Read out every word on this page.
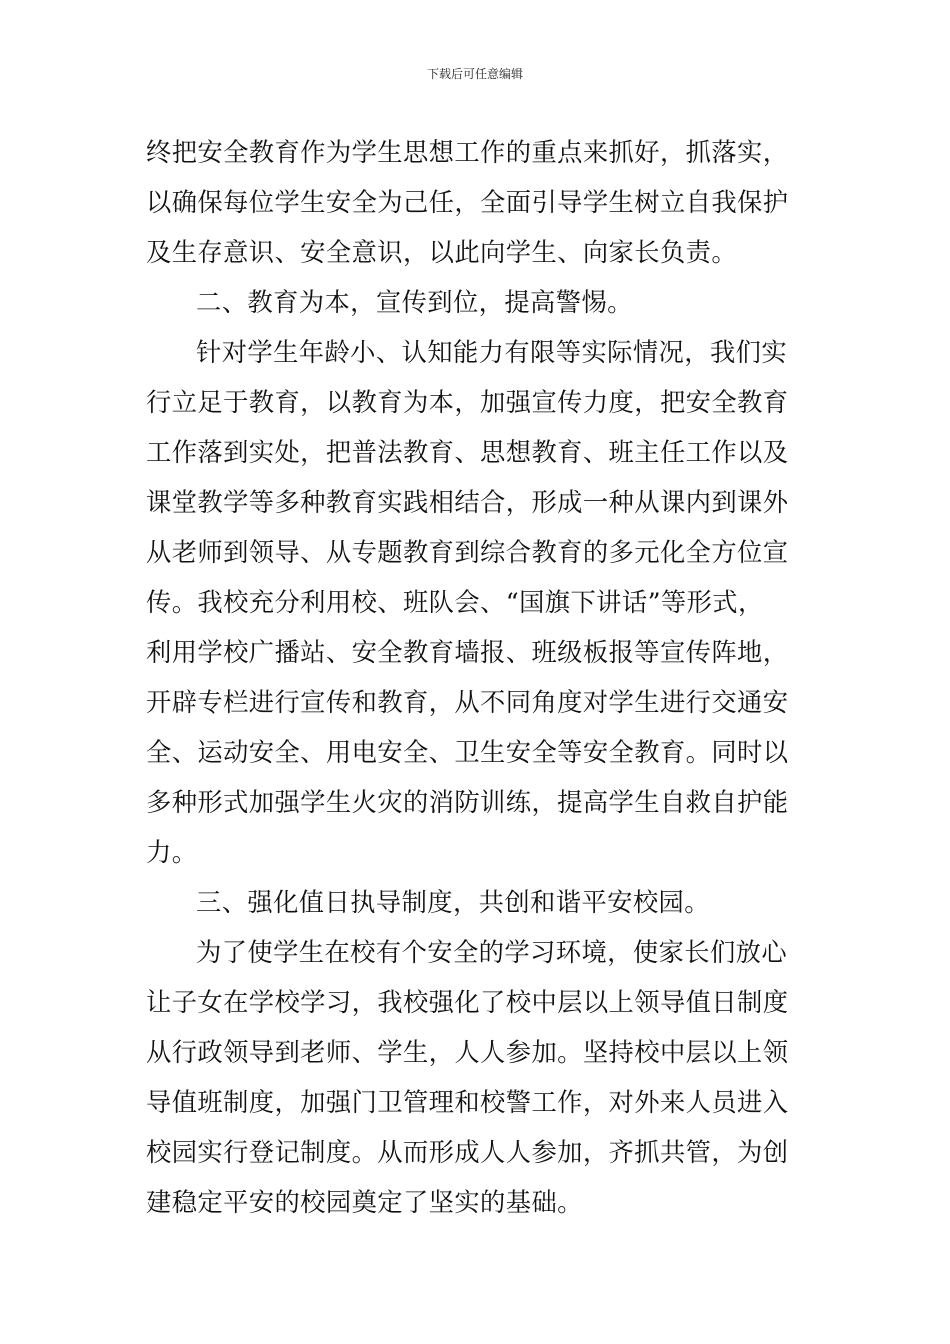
下载后可任意编辑
终把安全教育作为学生思想工作的重点来抓好，抓落实，
以确保每位学生安全为己任，全面引导学生树立自我保护
及生存意识、安全意识，以此向学生、向家长负责。
二、教育为本，宣传到位，提高警惕。
针对学生年龄小、认知能力有限等实际情况，我们实
行立足于教育，以教育为本，加强宣传力度，把安全教育
工作落到实处，把普法教育、思想教育、班主任工作以及
课堂教学等多种教育实践相结合，形成一种从课内到课外
从老师到领导、从专题教育到综合教育的多元化全方位宣
传。我校充分利用校、班队会、“国旗下讲话”等形式，
利用学校广播站、安全教育墙报、班级板报等宣传阵地，
开辟专栏进行宣传和教育，从不同角度对学生进行交通安
全、运动安全、用电安全、卫生安全等安全教育。同时以
多种形式加强学生火灾的消防训练，提高学生自救自护能
力。
三、强化值日执导制度，共创和谐平安校园。
为了使学生在校有个安全的学习环境，使家长们放心
让子女在学校学习，我校强化了校中层以上领导值日制度
从行政领导到老师、学生，人人参加。坚持校中层以上领
导值班制度，加强门卫管理和校警工作，对外来人员进入
校园实行登记制度。从而形成人人参加，齐抓共管，为创
建稳定平安的校园奠定了坚实的基础。
